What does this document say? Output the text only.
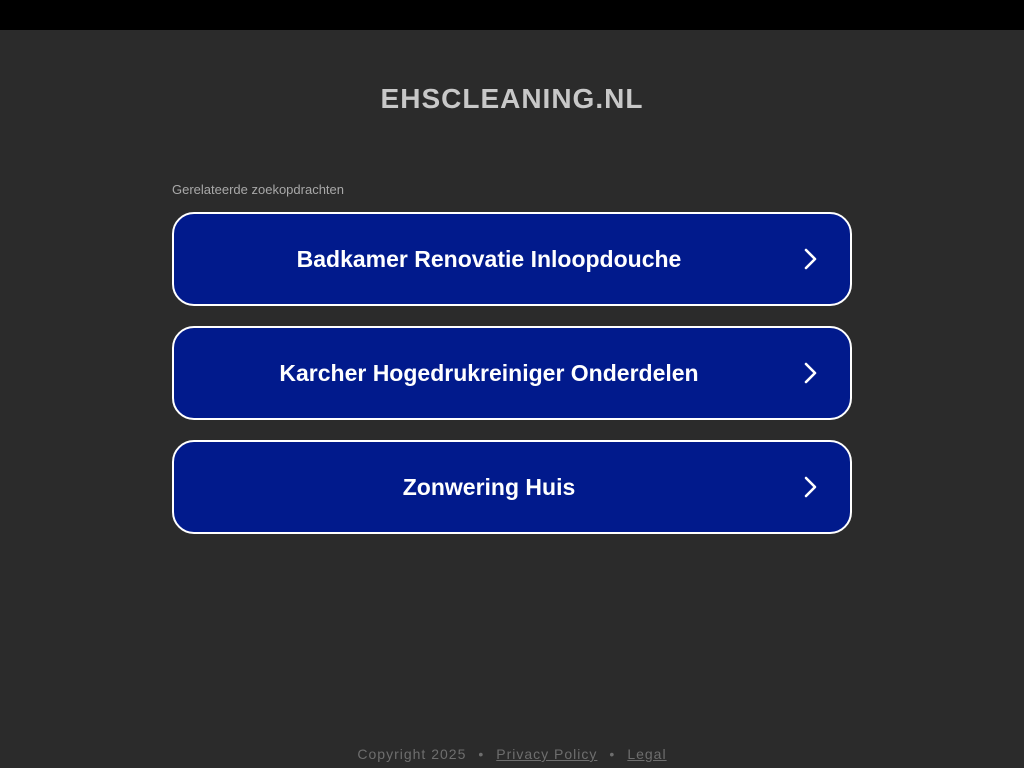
EHSCLEANING.NL
Gerelateerde zoekopdrachten
Badkamer Renovatie Inloopdouche
Karcher Hogedrukreiniger Onderdelen
Zonwering Huis
Copyright 2025 • Privacy Policy • Legal
